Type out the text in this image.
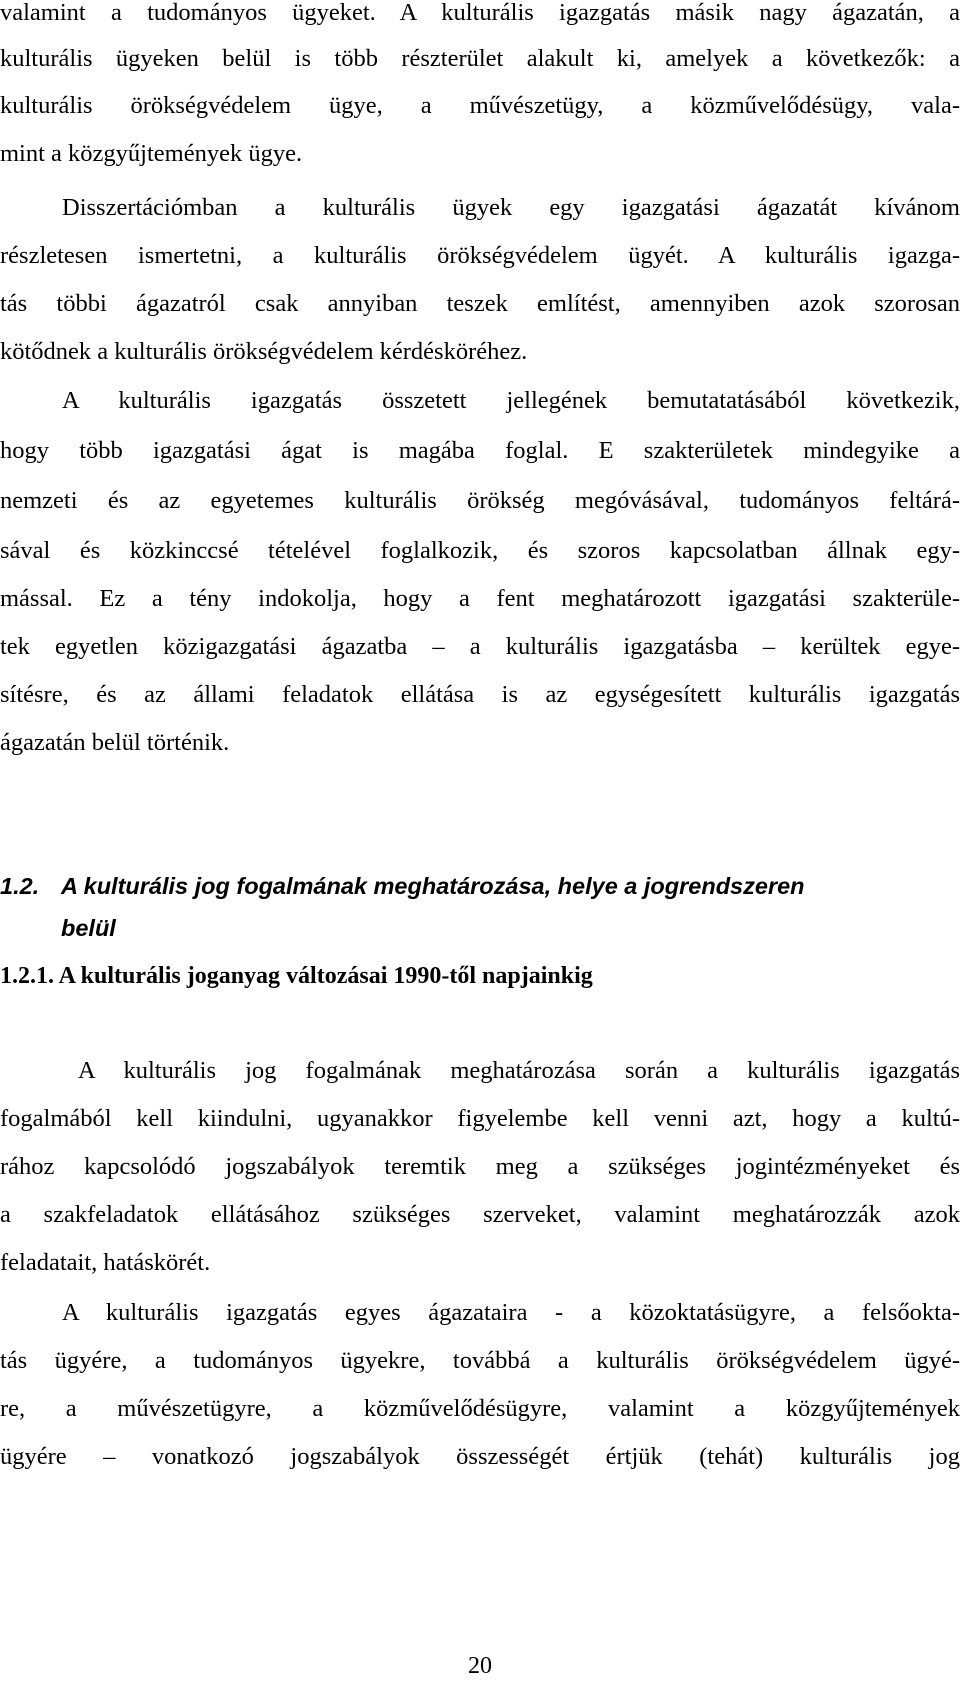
valamint a tudományos ügyeket. A kulturális igazgatás másik nagy ágazatán, a

kulturális ügyeken belül is több részterület alakult ki, amelyek a következők: a

kulturális örökségvédelem ügye, a művészetügy, a közművelődésügy, vala-

mint a közgyűjtemények ügye.

Disszertációmban a kulturális ügyek egy igazgatási ágazatát kívánom

részletesen ismertetni, a kulturális örökségvédelem ügyét. A kulturális igazga-

tás többi ágazatról csak annyiban teszek említést, amennyiben azok szorosan

kötődnek a kulturális örökségvédelem kérdésköréhez.

A kulturális igazgatás összetett jellegének bemutatatásából következik,

hogy több igazgatási ágat is magába foglal. E szakterületek mindegyike a

nemzeti és az egyetemes kulturális örökség megóvásával, tudományos feltárá-

sával és közkinccsé tételével foglalkozik, és szoros kapcsolatban állnak egy-

mással. Ez a tény indokolja, hogy a fent meghatározott igazgatási szakterüle-

tek egyetlen közigazgatási ágazatba – a kulturális igazgatásba – kerültek egye-

sítésre, és az állami feladatok ellátása is az egységesített kulturális igazgatás

ágazatán belül történik.

1.2. A kulturális jog fogalmának meghatározása, helye a jogrendszeren
belül

1.2.1. A kulturális joganyag változásai 1990-től napjainkig

A kulturális jog fogalmának meghatározása során a kulturális igazgatás

fogalmából kell kiindulni, ugyanakkor figyelembe kell venni azt, hogy a kultú-

rához kapcsolódó jogszabályok teremtik meg a szükséges jogintézményeket és

a szakfeladatok ellátásához szükséges szerveket, valamint meghatározzák azok

feladatait, hatáskörét.

A kulturális igazgatás egyes ágazataira - a közoktatásügyre, a felsőokta-

tás ügyére, a tudományos ügyekre, továbbá a kulturális örökségvédelem ügyé-

re, a művészetügyre, a közművelődésügyre, valamint a közgyűjtemények

ügyére – vonatkozó jogszabályok összességét értjük (tehát) kulturális jog

20
